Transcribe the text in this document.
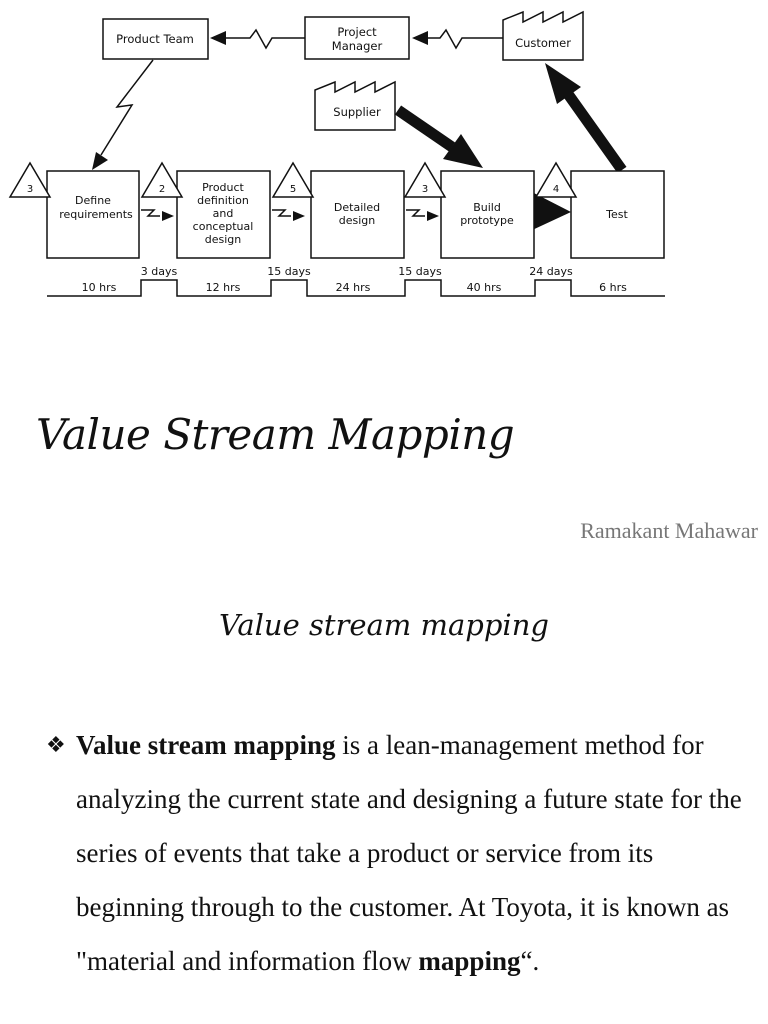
Product Team	Project
Manager	Customer
Supplier
Define
requirements
Product
definition
and
conceptual
design
Detailed
design
Build
prototype	Test
3	2	5	3	4
3 days	15 days	15 days	24 days
10 hrs	12 hrs	24 hrs	40 hrs	6 hrs
Value Stream Mapping
Ramakant Mahawar
Value stream mapping
❖ Value stream mapping is a lean-management method for analyzing the current state and designing a future state for the series of events that take a product or service from its beginning through to the customer. At Toyota, it is known as "material and information flow mapping“.
